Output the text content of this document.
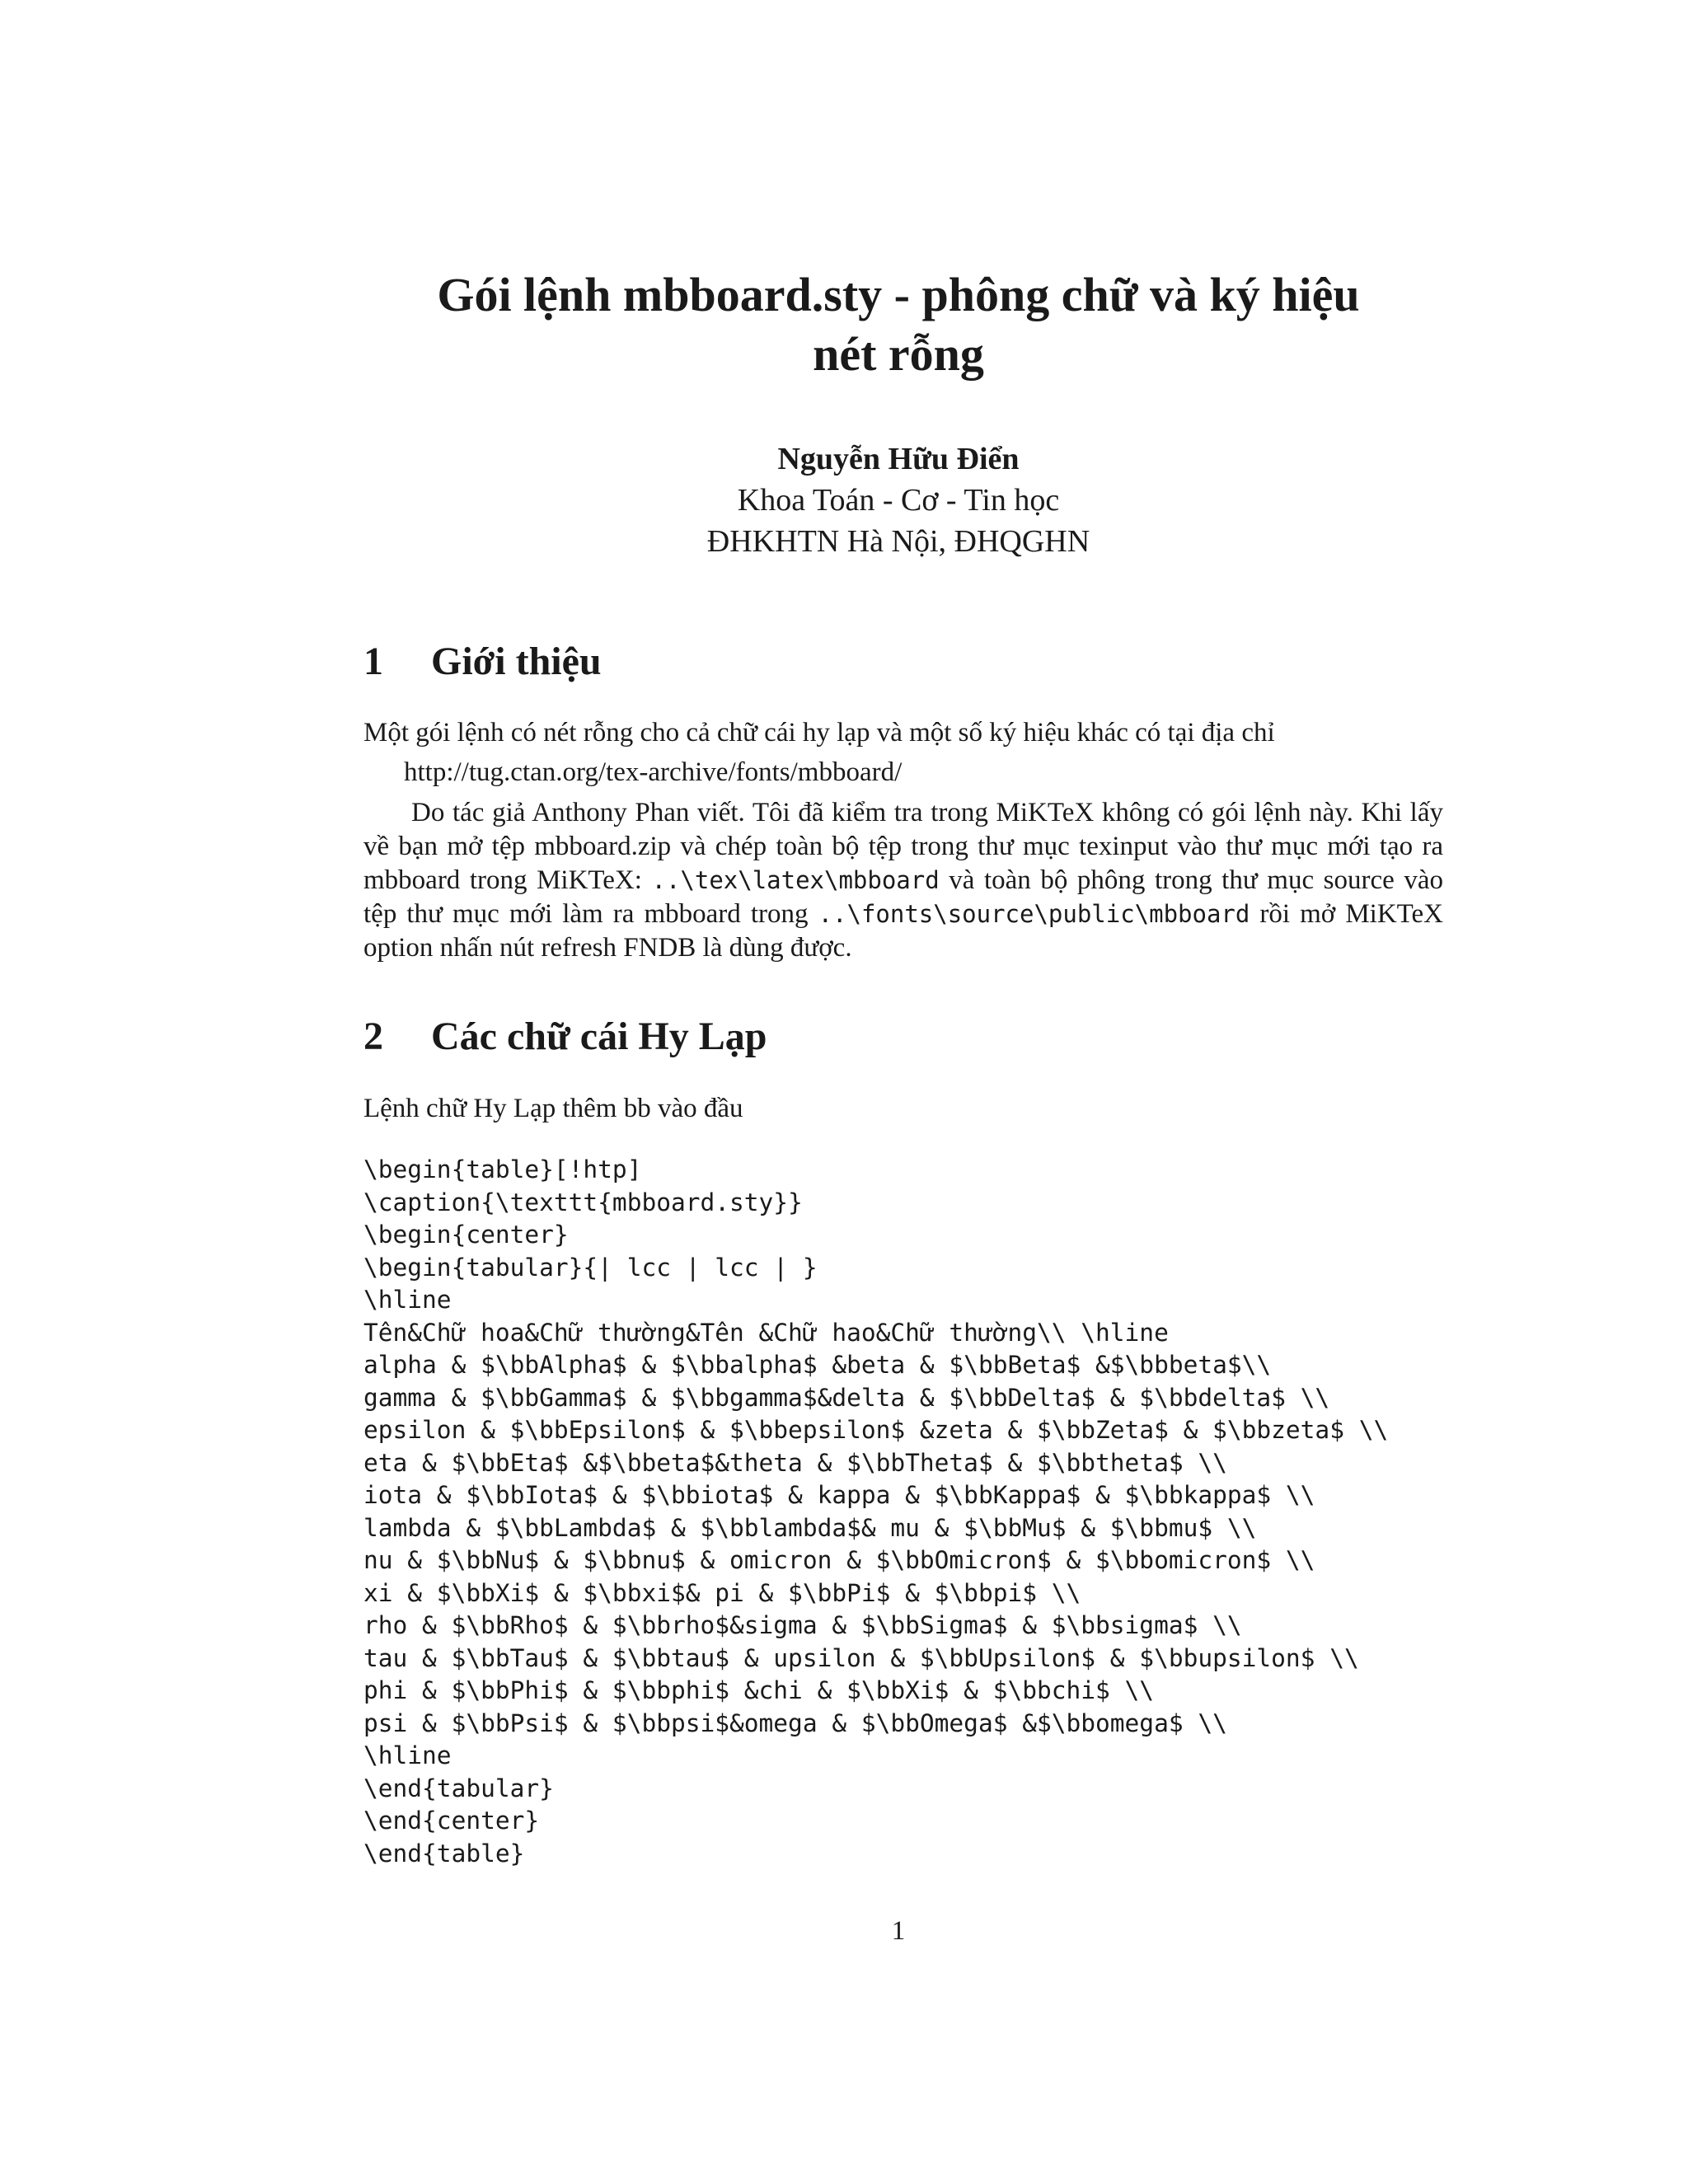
Gói lệnh mbboard.sty - phông chữ và ký hiệu
nét rỗng
Nguyễn Hữu Điển
Khoa Toán - Cơ - Tin học
ĐHKHTN Hà Nội, ĐHQGHN
1 Giới thiệu
Một gói lệnh có nét rỗng cho cả chữ cái hy lạp và một số ký hiệu khác có tại địa chỉ
http://tug.ctan.org/tex-archive/fonts/mbboard/
Do tác giả Anthony Phan viết. Tôi đã kiểm tra trong MiKTeX không có gói lệnh này. Khi lấy về bạn mở tệp mbboard.zip và chép toàn bộ tệp trong thư mục texinput vào thư mục mới tạo ra mbboard trong MiKTeX: ..\tex\latex\mbboard và toàn bộ phông trong thư mục source vào tệp thư mục mới làm ra mbboard trong ..\fonts\source\public\mbboard rồi mở MiKTeX option nhấn nút refresh FNDB là dùng được.
2 Các chữ cái Hy Lạp
Lệnh chữ Hy Lạp thêm bb vào đầu
\begin{table}[!htp]
\caption{\texttt{mbboard.sty}}
\begin{center}
\begin{tabular}{| lcc | lcc | }
\hline
Tên&Chữ hoa&Chữ thường&Tên &Chữ hao&Chữ thường\\ \hline
alpha & $\bbAlpha$ & $\bbalpha$ &beta & $\bbBeta$ &$\bbbeta$\\
gamma & $\bbGamma$ & $\bbgamma$&delta & $\bbDelta$ & $\bbdelta$ \\
epsilon & $\bbEpsilon$ & $\bbepsilon$ &zeta & $\bbZeta$ & $\bbzeta$ \\
eta & $\bbEta$ &$\bbeta$&theta & $\bbTheta$ & $\bbtheta$ \\
iota & $\bbIota$ & $\bbiota$ & kappa & $\bbKappa$ & $\bbkappa$ \\
lambda & $\bbLambda$ & $\bblambda$& mu & $\bbMu$ & $\bbmu$ \\
nu & $\bbNu$ & $\bbnu$ & omicron & $\bbOmicron$ & $\bbomicron$ \\
xi & $\bbXi$ & $\bbxi$& pi & $\bbPi$ & $\bbpi$ \\
rho & $\bbRho$ & $\bbrho$&sigma & $\bbSigma$ & $\bbsigma$ \\
tau & $\bbTau$ & $\bbtau$ & upsilon & $\bbUpsilon$ & $\bbupsilon$ \\
phi & $\bbPhi$ & $\bbphi$ &chi & $\bbXi$ & $\bbchi$ \\
psi & $\bbPsi$ & $\bbpsi$&omega & $\bbOmega$ &$\bbomega$ \\
\hline
\end{tabular}
\end{center}
\end{table}
1
